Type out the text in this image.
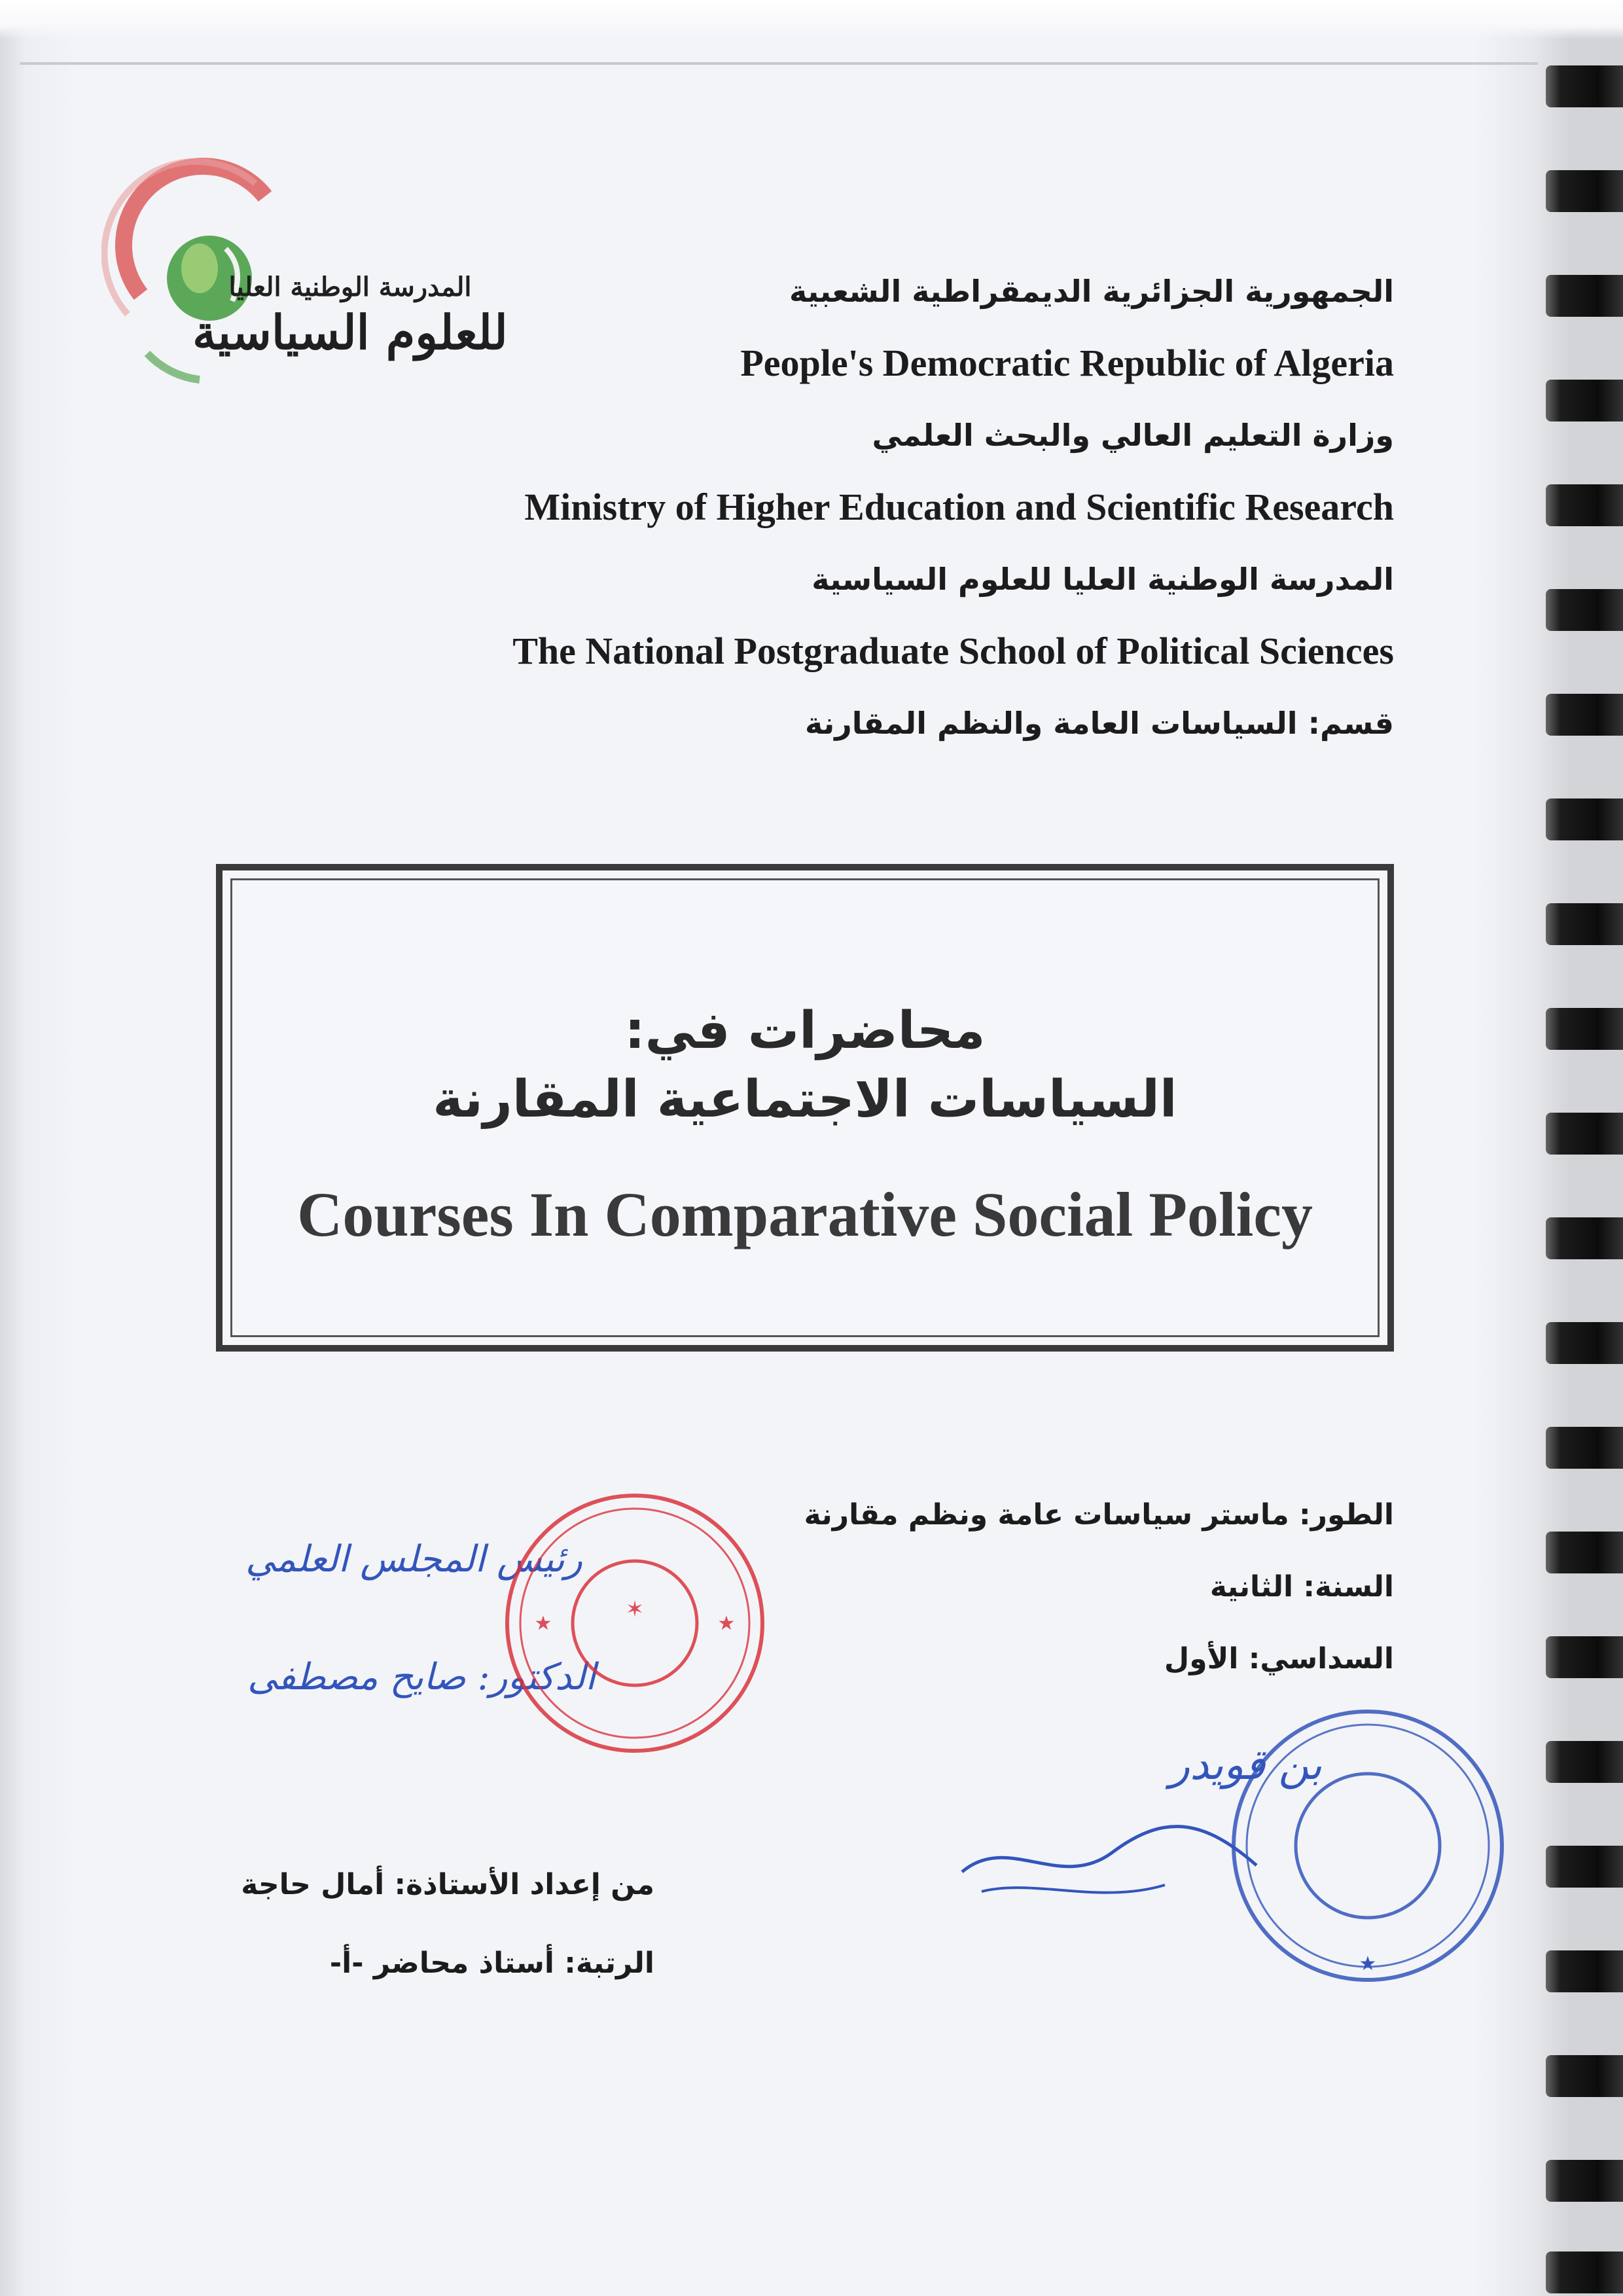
المدرسة الوطنية العليا
للعلوم السياسية
الجمهورية الجزائرية الديمقراطية الشعبية
People's Democratic Republic of Algeria
وزارة التعليم العالي والبحث العلمي
Ministry of Higher Education and Scientific Research
المدرسة الوطنية العليا للعلوم السياسية
The National Postgraduate School of Political Sciences
قسم: السياسات العامة والنظم المقارنة
محاضرات في:
السياسات الاجتماعية المقارنة
Courses In Comparative Social Policy
الطور: ماستر سياسات عامة ونظم مقارنة
السنة: الثانية
السداسي: الأول
رئيس المجلس العلمي
الدكتور: صايح مصطفى
✶
★	★
بن قويدر
★
من إعداد الأستاذة: أمال حاجة
الرتبة: أستاذ محاضر -أ-
